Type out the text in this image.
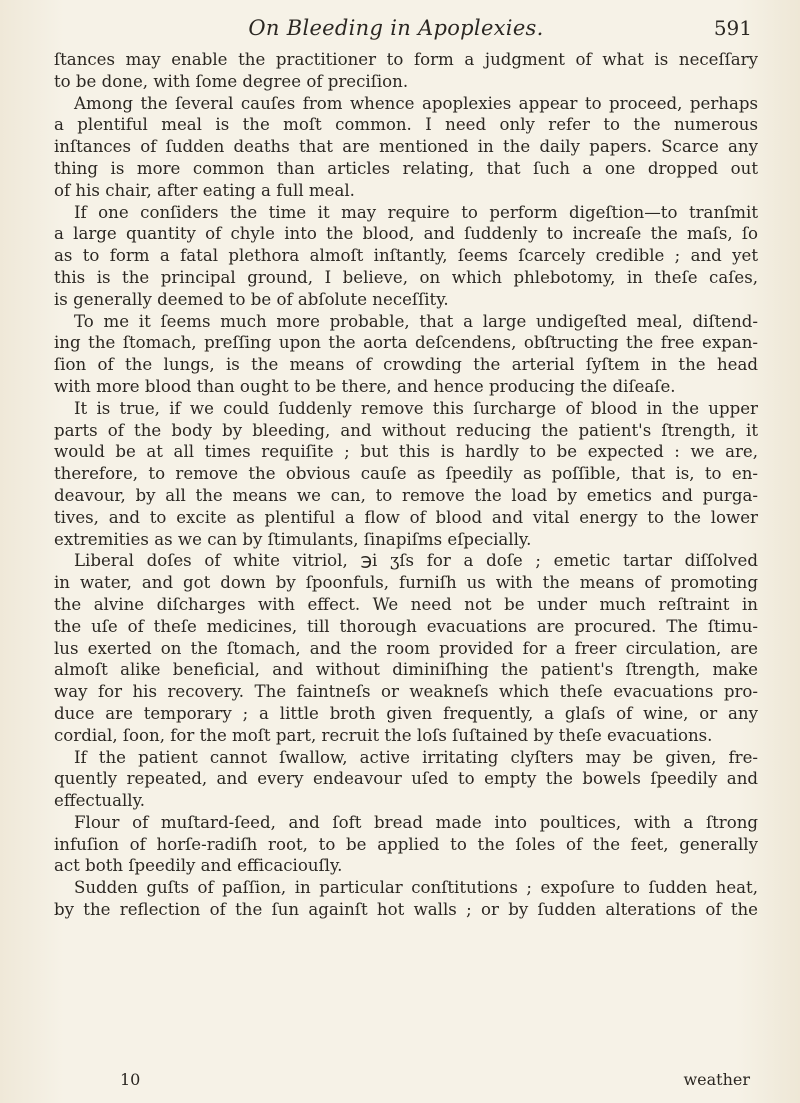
On Bleeding in Apoplexies.	591
ſtances may enable the practitioner to form a judgment of what is neceſſary
to be done, with ſome degree of preciſion.
Among the ſeveral cauſes from whence apoplexies appear to proceed, perhaps
a plentiful meal is the moſt common. I need only refer to the numerous
inſtances of ſudden deaths that are mentioned in the daily papers. Scarce any
thing is more common than articles relating, that ſuch a one dropped out
of his chair, after eating a full meal.
If one conſiders the time it may require to perform digeſtion—to tranſmit
a large quantity of chyle into the blood, and ſuddenly to increaſe the maſs, ſo
as to form a fatal plethora almoſt inſtantly, ſeems ſcarcely credible ; and yet
this is the principal ground, I believe, on which phlebotomy, in theſe caſes,
is generally deemed to be of abſolute neceſſity.
To me it ſeems much more probable, that a large undigeſted meal, diſtend-
ing the ſtomach, preſſing upon the aorta deſcendens, obſtructing the free expan-
ſion of the lungs, is the means of crowding the arterial ſyſtem in the head
with more blood than ought to be there, and hence producing the diſeaſe.
It is true, if we could ſuddenly remove this ſurcharge of blood in the upper
parts of the body by bleeding, and without reducing the patient's ſtrength, it
would be at all times requiſite ; but this is hardly to be expected : we are,
therefore, to remove the obvious cauſe as ſpeedily as poſſible, that is, to en-
deavour, by all the means we can, to remove the load by emetics and purga-
tives, and to excite as plentiful a flow of blood and vital energy to the lower
extremities as we can by ſtimulants, ſinapiſms eſpecially.
Liberal doſes of white vitriol, ℈i ʒſs for a doſe ; emetic tartar diſſolved
in water, and got down by ſpoonfuls, furniſh us with the means of promoting
the alvine diſcharges with effect. We need not be under much reſtraint in
the uſe of theſe medicines, till thorough evacuations are procured. The ſtimu-
lus exerted on the ſtomach, and the room provided for a freer circulation, are
almoſt alike beneficial, and without diminiſhing the patient's ſtrength, make
way for his recovery. The faintneſs or weakneſs which theſe evacuations pro-
duce are temporary ; a little broth given frequently, a glaſs of wine, or any
cordial, ſoon, for the moſt part, recruit the loſs ſuſtained by theſe evacuations.
If the patient cannot ſwallow, active irritating clyſters may be given, fre-
quently repeated, and every endeavour uſed to empty the bowels ſpeedily and
effectually.
Flour of muſtard-ſeed, and ſoft bread made into poultices, with a ſtrong
infuſion of horſe-radiſh root, to be applied to the ſoles of the feet, generally
act both ſpeedily and efficaciouſly.
Sudden guſts of paſſion, in particular conſtitutions ; expoſure to ſudden heat,
by the reflection of the ſun againſt hot walls ; or by ſudden alterations of the
10	weather
